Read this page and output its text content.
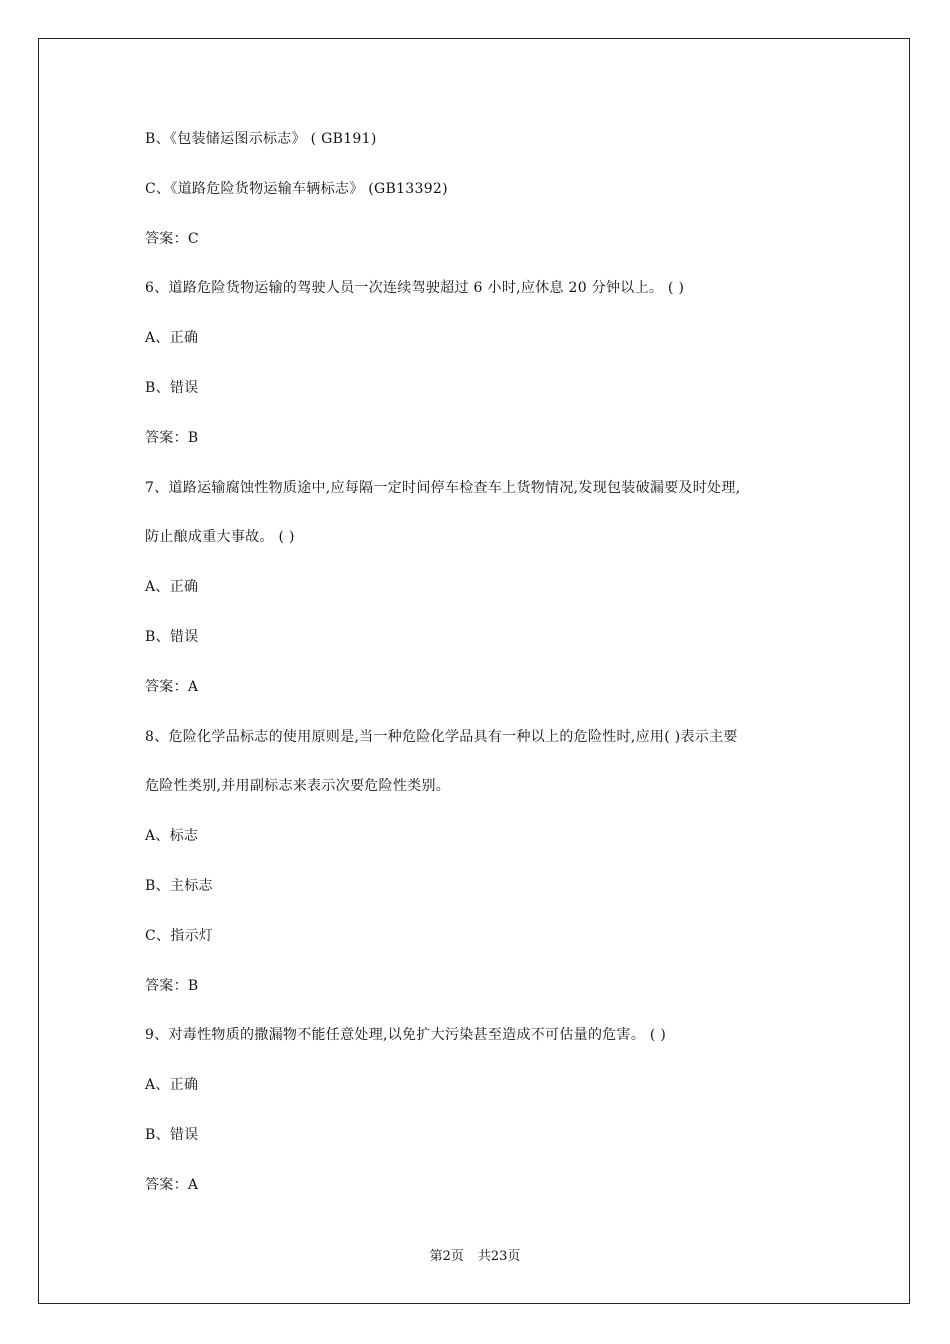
B、《包装储运图示标志》 ( GB191)
C、《道路危险货物运输车辆标志》 (GB13392)
答案：C
6、道路危险货物运输的驾驶人员一次连续驾驶超过 6 小时,应休息 20 分钟以上。 ( )
A、正确
B、错误
答案：B
7、道路运输腐蚀性物质途中,应每隔一定时间停车检查车上货物情况,发现包装破漏要及时处理,
防止酿成重大事故。 ( )
A、正确
B、错误
答案：A
8、危险化学品标志的使用原则是,当一种危险化学品具有一种以上的危险性时,应用( )表示主要
危险性类别,并用副标志来表示次要危险性类别。
A、标志
B、主标志
C、指示灯
答案：B
9、对毒性物质的撒漏物不能任意处理,以免扩大污染甚至造成不可估量的危害。 ( )
A、正确
B、错误
答案：A
第2页 共23页
